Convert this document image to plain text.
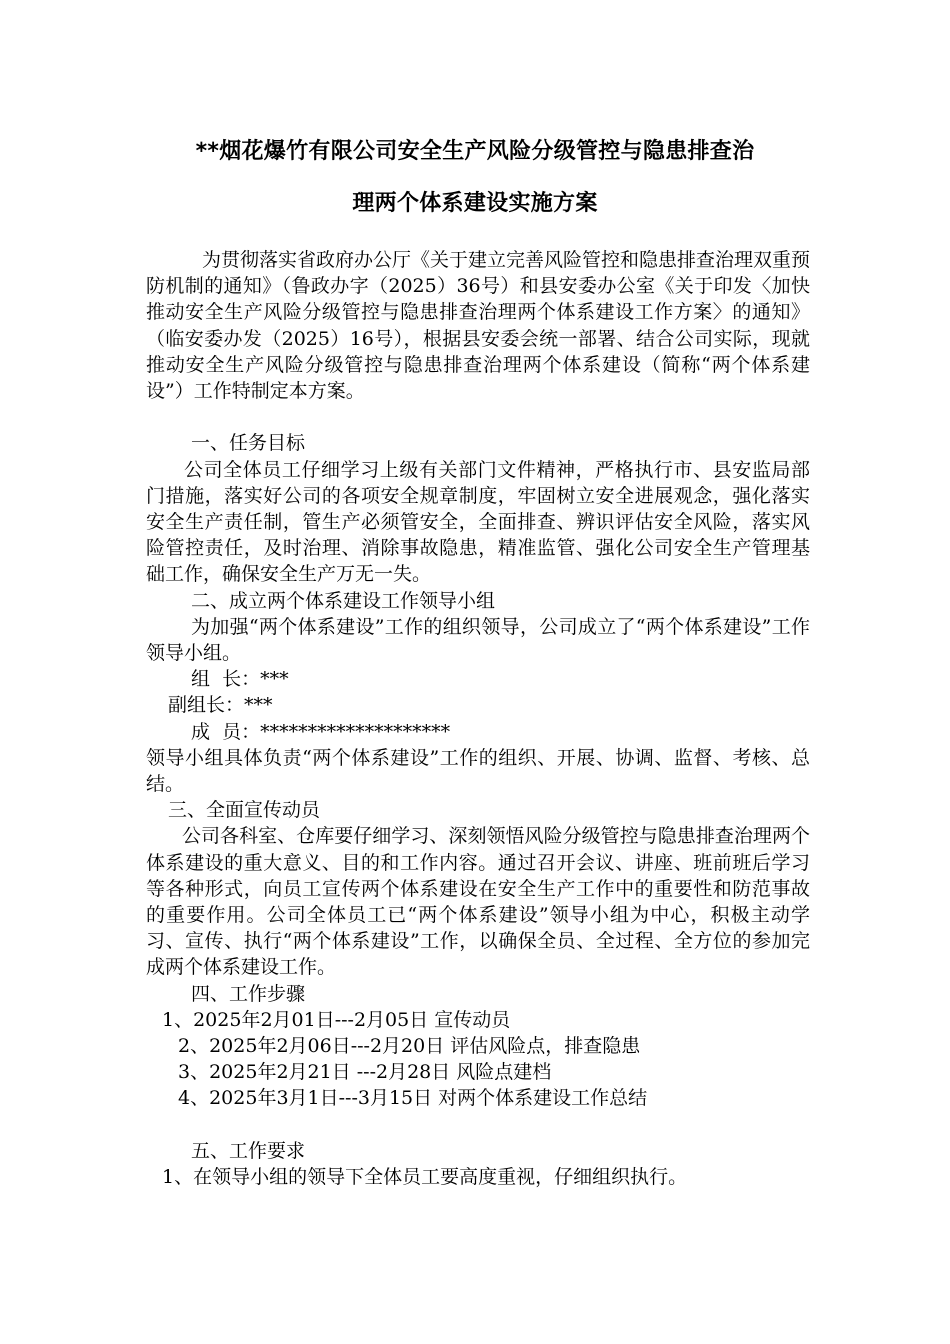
**烟花爆竹有限公司安全生产风险分级管控与隐患排查治
理两个体系建设实施方案

为贯彻落实省政府办公厅《关于建立完善风险管控和隐患排查治理双重预防机制的通知》（鲁政办字（2025）36号）和县安委办公室《关于印发〈加快推动安全生产风险分级管控与隐患排查治理两个体系建设工作方案〉的通知》（临安委办发（2025）16号），根据县安委会统一部署、结合公司实际，现就推动安全生产风险分级管控与隐患排查治理两个体系建设（简称“两个体系建设”）工作特制定本方案。

一、任务目标

公司全体员工仔细学习上级有关部门文件精神，严格执行市、县安监局部门措施，落实好公司的各项安全规章制度，牢固树立安全进展观念，强化落实安全生产责任制，管生产必须管安全，全面排查、辨识评估安全风险，落实风险管控责任，及时治理、消除事故隐患，精准监管、强化公司安全生产管理基础工作，确保安全生产万无一失。

二、成立两个体系建设工作领导小组

为加强“两个体系建设”工作的组织领导，公司成立了“两个体系建设”工作领导小组。

组  长：***

副组长：***

成  员：********************

领导小组具体负责“两个体系建设”工作的组织、开展、协调、监督、考核、总结。

三、全面宣传动员

公司各科室、仓库要仔细学习、深刻领悟风险分级管控与隐患排查治理两个体系建设的重大意义、目的和工作内容。通过召开会议、讲座、班前班后学习等各种形式，向员工宣传两个体系建设在安全生产工作中的重要性和防范事故的重要作用。公司全体员工已“两个体系建设”领导小组为中心，积极主动学习、宣传、执行“两个体系建设”工作，以确保全员、全过程、全方位的参加完成两个体系建设工作。

四、工作步骤

1、2025年2月01日---2月05日 宣传动员

2、2025年2月06日---2月20日 评估风险点，排查隐患

3、2025年2月21日 ---2月28日 风险点建档

4、2025年3月1日---3月15日 对两个体系建设工作总结

五、工作要求

1、在领导小组的领导下全体员工要高度重视，仔细组织执行。
